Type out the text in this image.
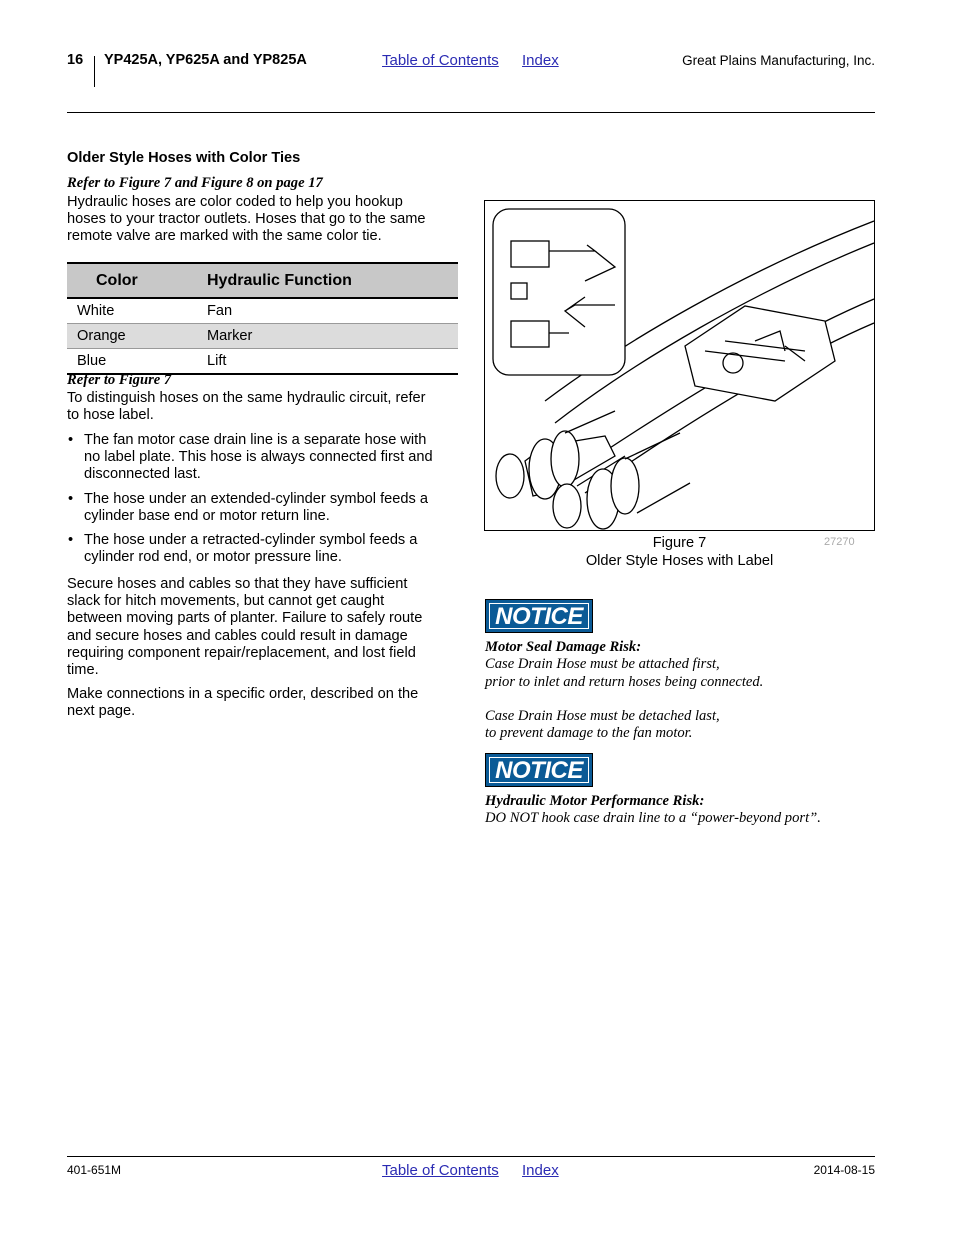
16 YP425A, YP625A and YP825A	Table of Contents Index	Great Plains Manufacturing, Inc.
Older Style Hoses with Color Ties
Refer to Figure 7 and Figure 8 on page 17
Hydraulic hoses are color coded to help you hookup
hoses to your tractor outlets. Hoses that go to the same
remote valve are marked with the same color tie.
Color	Hydraulic Function
White	Fan
Orange	Marker
Blue	Lift
Refer to Figure 7
To distinguish hoses on the same hydraulic circuit, refer
to hose label.
• The fan motor case drain line is a separate hose with
no label plate. This hose is always connected first and
disconnected last.
• The hose under an extended-cylinder symbol feeds a
cylinder base end or motor return line.
• The hose under a retracted-cylinder symbol feeds a
cylinder rod end, or motor pressure line.
Secure hoses and cables so that they have sufficient
slack for hitch movements, but cannot get caught
between moving parts of planter. Failure to safely route
and secure hoses and cables could result in damage
requiring component repair/replacement, and lost field
time.
Make connections in a specific order, described on the
next page.
Figure 7
Older Style Hoses with Label
27270
NOTICE
Motor Seal Damage Risk:
Case Drain Hose must be attached first,
prior to inlet and return hoses being connected.
Case Drain Hose must be detached last,
to prevent damage to the fan motor.
NOTICE
Hydraulic Motor Performance Risk:
DO NOT hook case drain line to a “power-beyond port”.
401-651M	Table of Contents Index	2014-08-15
